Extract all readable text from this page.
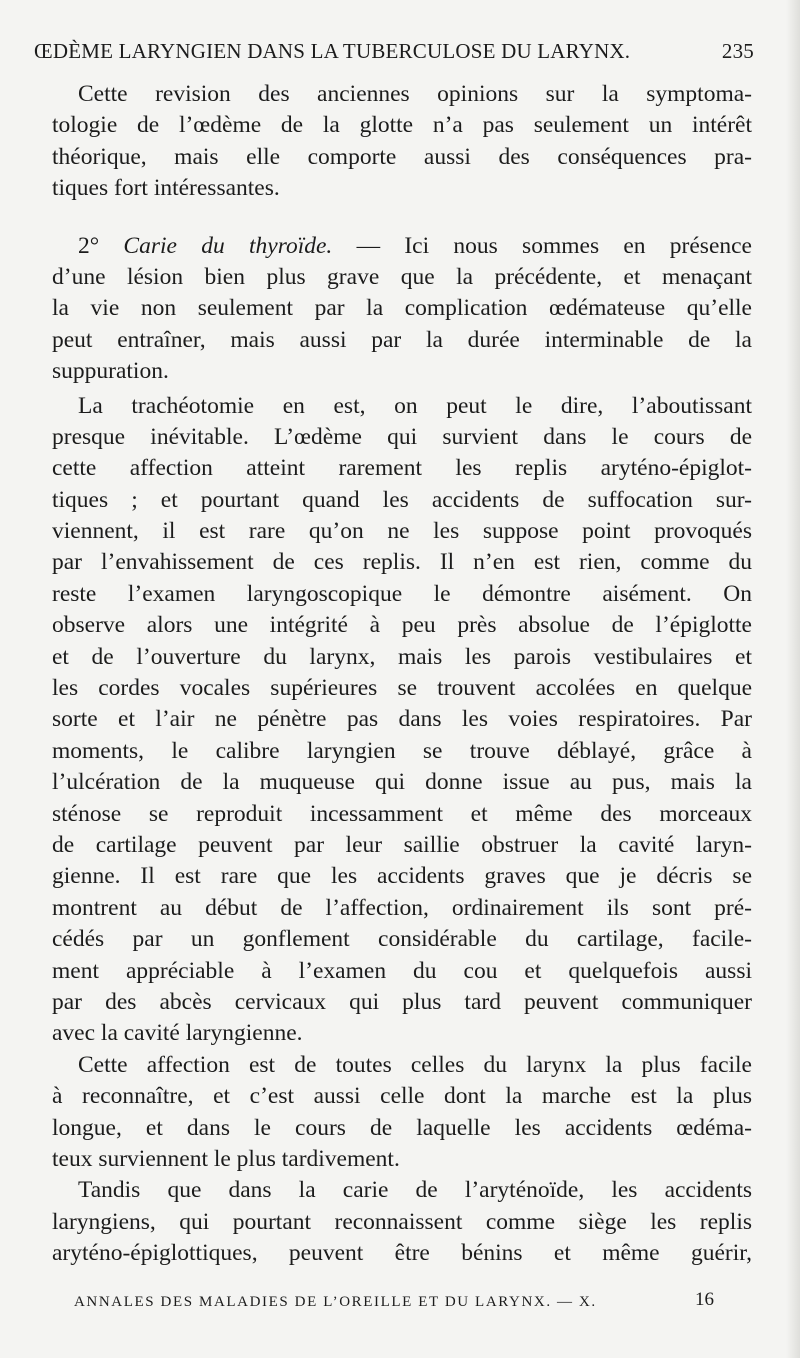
ŒDÈME LARYNGIEN DANS LA TUBERCULOSE DU LARYNX.	235
Cette revision des anciennes opinions sur la symptoma-
tologie de l’œdème de la glotte n’a pas seulement un intérêt
théorique, mais elle comporte aussi des conséquences pra-
tiques fort intéressantes.
2° Carie du thyroïde. — Ici nous sommes en présence
d’une lésion bien plus grave que la précédente, et menaçant
la vie non seulement par la complication œdémateuse qu’elle
peut entraîner, mais aussi par la durée interminable de la
suppuration.
La trachéotomie en est, on peut le dire, l’aboutissant
presque inévitable. L’œdème qui survient dans le cours de
cette affection atteint rarement les replis aryténo-épiglot-
tiques ; et pourtant quand les accidents de suffocation sur-
viennent, il est rare qu’on ne les suppose point provoqués
par l’envahissement de ces replis. Il n’en est rien, comme du
reste l’examen laryngoscopique le démontre aisément. On
observe alors une intégrité à peu près absolue de l’épiglotte
et de l’ouverture du larynx, mais les parois vestibulaires et
les cordes vocales supérieures se trouvent accolées en quelque
sorte et l’air ne pénètre pas dans les voies respiratoires. Par
moments, le calibre laryngien se trouve déblayé, grâce à
l’ulcération de la muqueuse qui donne issue au pus, mais la
sténose se reproduit incessamment et même des morceaux
de cartilage peuvent par leur saillie obstruer la cavité laryn-
gienne. Il est rare que les accidents graves que je décris se
montrent au début de l’affection, ordinairement ils sont pré-
cédés par un gonflement considérable du cartilage, facile-
ment appréciable à l’examen du cou et quelquefois aussi
par des abcès cervicaux qui plus tard peuvent communiquer
avec la cavité laryngienne.
Cette affection est de toutes celles du larynx la plus facile
à reconnaître, et c’est aussi celle dont la marche est la plus
longue, et dans le cours de laquelle les accidents œdéma-
teux surviennent le plus tardivement.
Tandis que dans la carie de l’aryténoïde, les accidents
laryngiens, qui pourtant reconnaissent comme siège les replis
aryténo-épiglottiques, peuvent être bénins et même guérir,
ANNALES DES MALADIES DE L’OREILLE ET DU LARYNX. — X.	16
